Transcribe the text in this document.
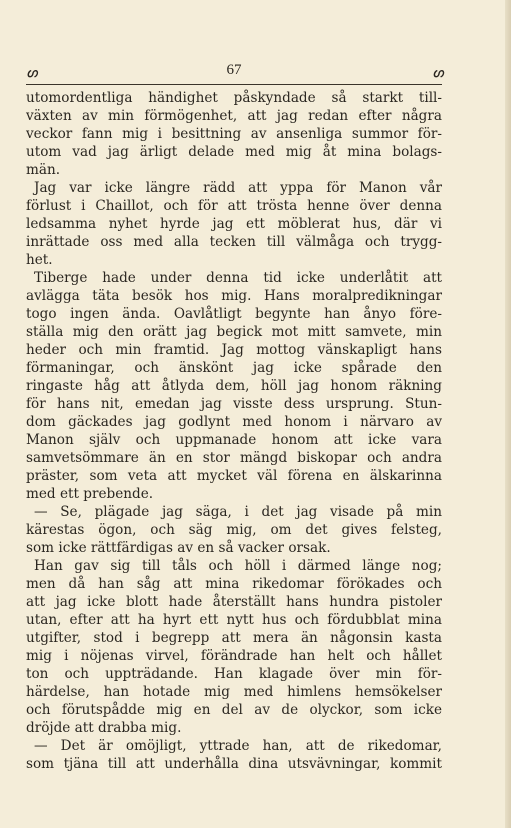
ഗ	67	ഗ
utomordentliga händighet påskyndade så starkt till-
växten av min förmögenhet, att jag redan efter några
veckor fann mig i besittning av ansenliga summor för-
utom vad jag ärligt delade med mig åt mina bolags-
män.
Jag var icke längre rädd att yppa för Manon vår
förlust i Chaillot, och för att trösta henne över denna
ledsamma nyhet hyrde jag ett möblerat hus, där vi
inrättade oss med alla tecken till välmåga och trygg-
het.
Tiberge hade under denna tid icke underlåtit att
avlägga täta besök hos mig. Hans moralpredikningar
togo ingen ända. Oavlåtligt begynte han ånyo före-
ställa mig den orätt jag begick mot mitt samvete, min
heder och min framtid. Jag mottog vänskapligt hans
förmaningar, och änskönt jag icke spårade den
ringaste håg att åtlyda dem, höll jag honom räkning
för hans nit, emedan jag visste dess ursprung. Stun-
dom gäckades jag godlynt med honom i närvaro av
Manon själv och uppmanade honom att icke vara
samvetsömmare än en stor mängd biskopar och andra
präster, som veta att mycket väl förena en älskarinna
med ett prebende.
— Se, plägade jag säga, i det jag visade på min
kärestas ögon, och säg mig, om det gives felsteg,
som icke rättfärdigas av en så vacker orsak.
Han gav sig till tåls och höll i därmed länge nog;
men då han såg att mina rikedomar förökades och
att jag icke blott hade återställt hans hundra pistoler
utan, efter att ha hyrt ett nytt hus och fördubblat mina
utgifter, stod i begrepp att mera än någonsin kasta
mig i nöjenas virvel, förändrade han helt och hållet
ton och uppträdande. Han klagade över min för-
härdelse, han hotade mig med himlens hemsökelser
och förutspådde mig en del av de olyckor, som icke
dröjde att drabba mig.
— Det är omöjligt, yttrade han, att de rikedomar,
som tjäna till att underhålla dina utsvävningar, kommit
